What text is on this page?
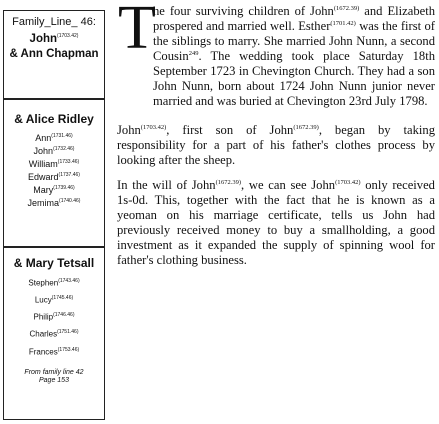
Family_Line_ 46:
John$^{(1703.42)}$
& Ann Chapman
& Alice Ridley
Ann$^{(1731.46)}$
John$^{(1732.46)}$
William$^{(1733.46)}$
Edward$^{(1737.46)}$
Mary$^{(1739.46)}$
Jemima$^{(1740.46)}$
& Mary Tetsall
Stephen$^{(1743.46)}$
Lucy$^{(1745.46)}$
Philip$^{(1746.46)}$
Charles$^{(1751.46)}$
Frances$^{(1753.46)}$
From family line 42
Page 153
T

he four surviving children of John$^{(1672.39)}$ and Elizabeth prospered and married well. Esther$^{(1701.42)}$ was the first of the siblings to marry. She married John Nunn, a second Cousin$^{249}$. The wedding took place Saturday 18th September 1723 in Chevington Church. They had a son John Nunn, born about 1724 John Nunn junior never married and was buried at Chevington 23rd July 1798.

John$^{(1703.42)}$, first son of John$^{(1672.39)}$, began by taking responsibility for a part of his father's clothes process by looking after the sheep.

In the will of John$^{(1672.39)}$, we can see John$^{(1703.42)}$ only received 1s-0d. This, together with the fact that he is known as a yeoman on his marriage certificate, tells us John had previously received money to buy a smallholding, a good investment as it expanded the supply of spinning wool for father's clothing business.
